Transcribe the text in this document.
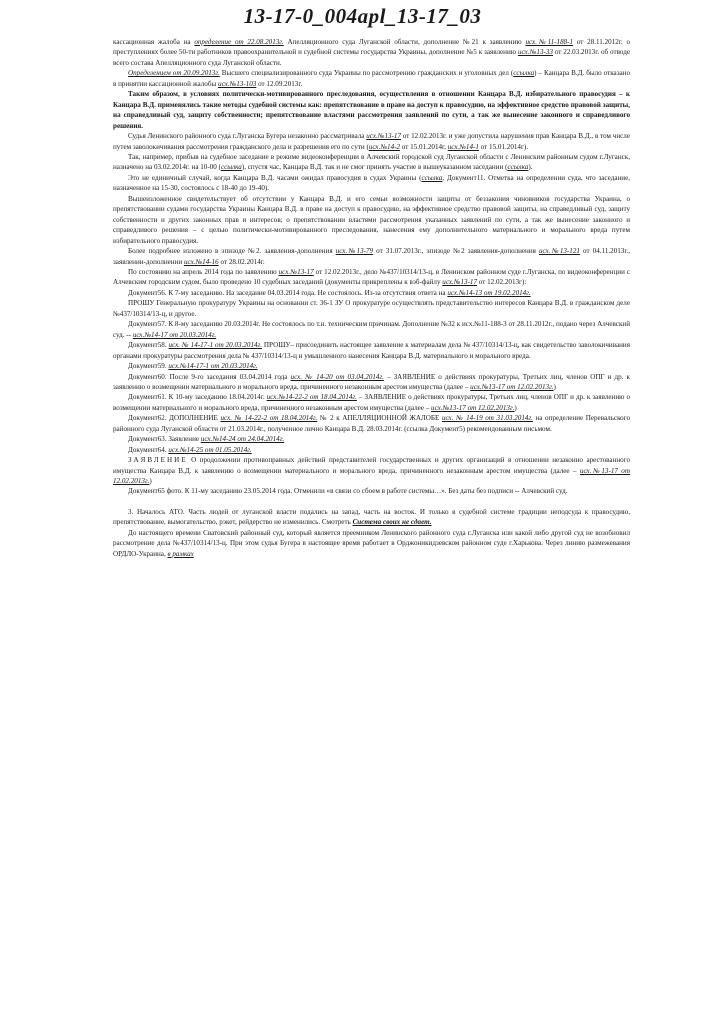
13-17-0_004apl_13-17_03

кассационная жалоба на определение от 22.08.2013г. Апелляционного суда Луганской области, дополнение №21 к заявлению исх.№11-188-1 от 28.11.2012г. о преступлениях более 50-ти работников правоохранительной и судебной системы государства Украины, дополнение №5 к заявлению исх.№13-33 от 22.03.2013г. об отводе всего состава Апелляционного суда Луганской области.

Определением от 20.09.2013г. Высшего специализированного суда Украины по рассмотрению гражданских и уголовных дел (ссылка) – Канцара В.Д. было отказано в принятии кассационной жалобы исх.№13-103 от 12.09.2013г.

Таким образом, в условиях политически-мотивированного преследования, осуществления в отношении Канцара В.Д. избирательного правосудия – к Канцара В.Д. применялись такие методы судебной системы как: препятствование в праве на доступ к правосудию, на эффективное средство правовой защиты, на справедливый суд, защиту собственности; препятствование властями рассмотрения заявлений по сути, а так же вынесение законного и справедливого решения.

Судья Ленинского районного суда г.Луганска Бугера незаконно рассматривала исх.№13-17 от 12.02.2013г. и уже допустила нарушения прав Канцара В.Д., в том числе путем заволокичивания рассмотрения гражданского дела и разрешения его по сути (исх.№14-2 от 15.01.2014г, исх.№14-1 от 15.01.2014г).

Так, например, прибыв на судебное заседание в режиме видеоконференции в Алчевский городской суд Луганской области с Ленинским районным судом г.Луганск, назначено на 03.02.2014г. на 10-00 (ссылка), спустя час, Канцара В.Д. так и не смог принять участие в вышеуказанном заседании (ссылка).

Это не единичный случай, когда Канцара В.Д. часами ожидал правосудия в судах Украины (ссылка, Документ11. Отметка на определении суда, что заседание, назначенное на 15-30, состоялось с 18-40 до 19-40).

Вышеизложенное свидетельствует об отсутствии у Канцара В.Д. и его семьи возможности защиты от беззакония чиновников государства Украина, о препятствовании судами государства Украины Канцара В.Д. в праве на доступ к правосудию, на эффективное средство правовой защиты, на справедливый суд, защиту собственности и других законных прав и интересов; о препятствовании властями рассмотрения указанных заявлений по сути, а так же вынесение законного и справедливого решения – с целью политически-мотивированного преследования, нанесения ему дополнительного материального и морального вреда путем избирательного правосудия.

Более подробнее изложено в эпизоде №2. заявления-дополнения исх.№13-79 от 31.07.2013г., эпизоде №2 заявления-дополнения исх.№13-121 от 04.11.2013г., заявлении-дополнении исх.№14-16 от 28.02.2014г.

По состоянию на апрель 2014 года по заявлению исх.№13-17 от 12.02.2013г., дело №437/10314/13-ц, в Ленинском районном суде г.Луганска, по видеоконференции с Алчевским городским судом, было проведено 10 судебных заседаний (документы прикреплены к вэб-файлу исх.№13-17 от 12.02.2013г):

Документ56. К 7-му заседанию. На заседание 04.03.2014 года. Не состоялось. Из-за отсутствия ответа на исх.№14-13 от 19.02.2014г.

ПРОШУ Генеральную прокуратуру Украины на основании ст. 36-1 ЗУ О прокуратуре осуществлять представительство интересов Канцара В.Д. в гражданском деле №437/10314/13-ц, и другое.

Документ57. К 8-му заседанию 20.03.2014г. Не состоялось по т.н. техническим причинам. Дополнение №32 к исх.№11-188-3 от 28.11.2012г., подано через Алчевский суд. -- исх.№14-17 от 20.03.2014г.

Документ58. исх. № 14-17-1 от 20.03.2014г. ПРОШУ– присоединить настоящее заявление к материалам дела № 437/10314/13-ц, как свидетельство заволокичивания органами прокуратуры рассмотрения дела № 437/10314/13-ц и умышленного нанесения Канцара В.Д. материального и морального вреда.

Документ59. исх.№14-17-1 от 20.03.2014г.

Документ60. После 9-го заседания 03.04.2014 года исх. № 14-20 от 03.04.2014г. – ЗАЯВЛЕНИЕ о действиях прокуратуры, Третьих лиц, членов ОПГ и др. к заявлению о возмещении материального и морального вреда, причиненного незаконным арестом имущества (далее – исх.№13-17 от 12.02.2013г.)

Документ61. К 10-му заседанию 18.04.2014г. исх.№14-22-2 от 18.04.2014г. – ЗАЯВЛЕНИЕ о действиях прокуратуры, Третьих лиц, членов ОПГ и др. к заявлению о возмещении материального и морального вреда, причиненного незаконным арестом имущества (далее – исх.№13-17 от 12.02.2013г.)

Документ62. ДОПОЛНЕНИЕ исх. № 14-22-2 от 18.04.2014г. № 2 к АПЕЛЛЯЦИОННОЙ ЖАЛОБЕ исх. № 14-19 от 31.03.2014г. на определение Перевальского районного суда Луганской области от 21.03.2014г., полученное лично Канцара В.Д. 28.03.2014г. (ссылка Документ5) рекомендованным письмом.

Документ63. Заявление исх.№14-24 от 24.04.2014г.

Документ64. исх.№14-25 от 01.05.2014г.

ЗАЯВЛЕНИЕ О продолжении противоправных действий представителей государственных и других организаций в отношении незаконно арестованного имущества Канцара В.Д. к заявлению о возмещении материального и морального вреда, причиненного незаконным арестом имущества (далее – исх.№13-17 от 12.02.2013г.)

Документ65 фото. К 11-му заседанию 23.05.2014 года. Отменили «в связи со сбоем в работе системы…». Без даты без подписи -- Алчевский суд.

3. Началось АТО. Часть людей от луганской власти подались на запад, часть на восток. И только в судебной системе традиции неподсуда к правосудию, препятствование, вымогательство, рэкет, рейдерство не изменились. Смотреть Система своих не сдает.

До настоящего времени Сватовский районный суд, который является преемником Ленинского районного суда г.Луганска или какой либо другой суд не возобновил рассмотрение дела №437/10314/13-ц. При этом судья Бугера в настоящее время работает в Орджоникидзевском районном суде г.Харькова. Через линию размежевания ОРДЛО-Украина, в рамках
